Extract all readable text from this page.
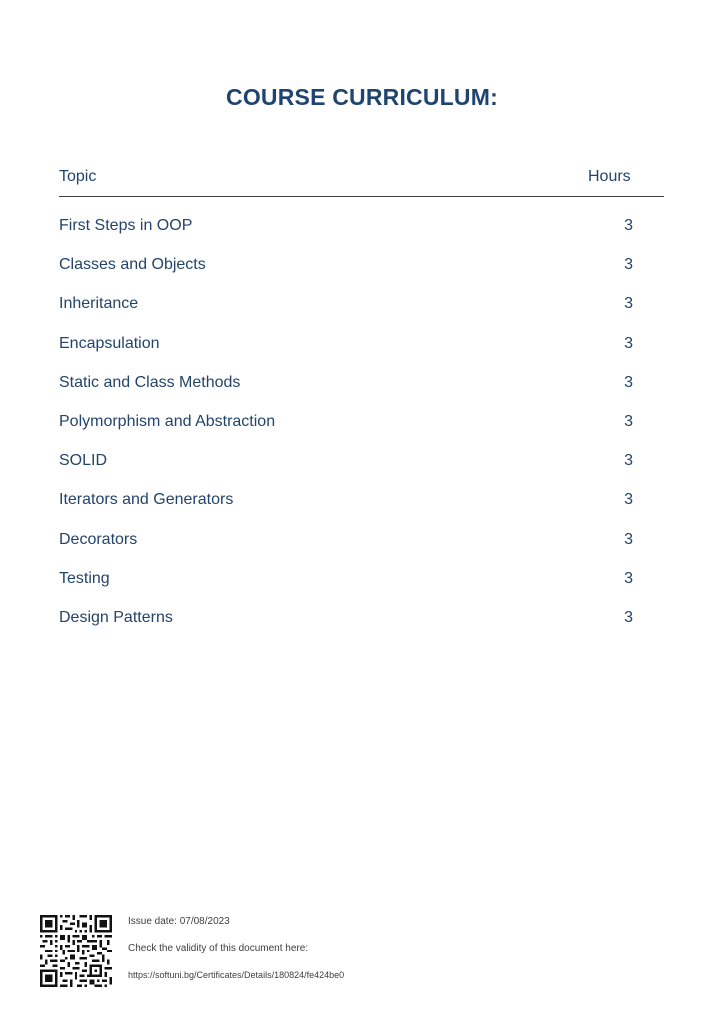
COURSE CURRICULUM:
Topic	Hours
First Steps in OOP	3
Classes and Objects	3
Inheritance	3
Encapsulation	3
Static and Class Methods	3
Polymorphism and Abstraction	3
SOLID	3
Iterators and Generators	3
Decorators	3
Testing	3
Design Patterns	3
Issue date: 07/08/2023
Check the validity of this document here:
https://softuni.bg/Certificates/Details/180824/fe424be0
